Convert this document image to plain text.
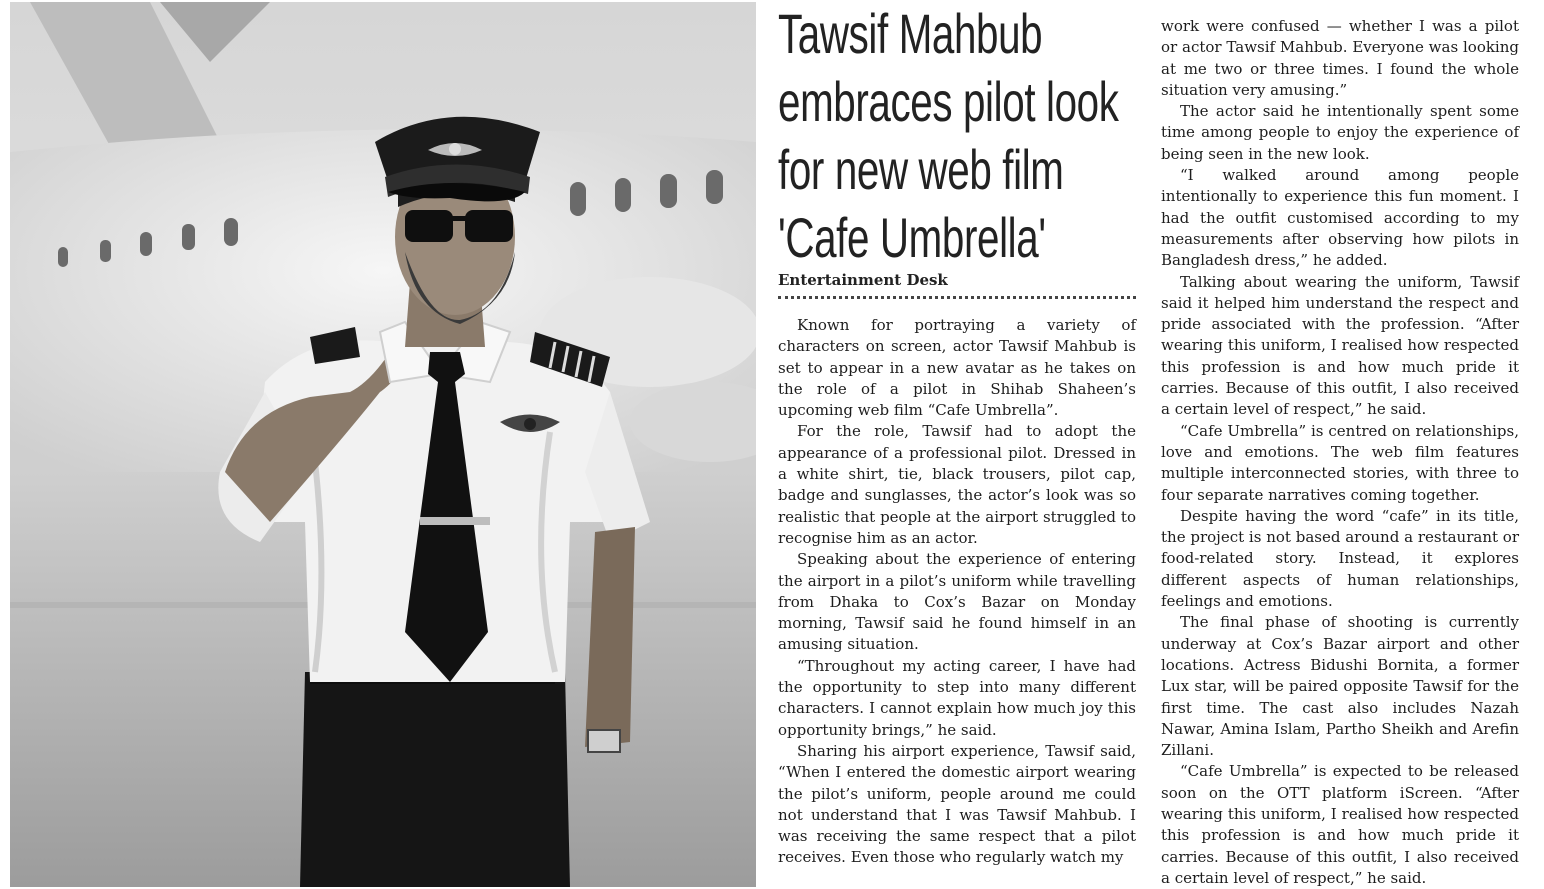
Tawsif Mahbub
embraces pilot look
for new web film
'Cafe Umbrella'
Entertainment Desk

Known for portraying a variety of characters on screen, actor Tawsif Mahbub is set to appear in a new avatar as he takes on the role of a pilot in Shihab Shaheen’s upcoming web film “Cafe Umbrella”.

For the role, Tawsif had to adopt the appearance of a professional pilot. Dressed in a white shirt, tie, black trousers, pilot cap, badge and sunglasses, the actor’s look was so realistic that people at the airport struggled to recognise him as an actor.

Speaking about the experience of entering the airport in a pilot’s uniform while travelling from Dhaka to Cox’s Bazar on Monday morning, Tawsif said he found himself in an amusing situation.

“Throughout my acting career, I have had the opportunity to step into many different characters. I cannot explain how much joy this opportunity brings,” he said.

Sharing his airport experience, Tawsif said, “When I entered the domestic airport wearing the pilot’s uniform, people around me could not understand that I was Tawsif Mahbub. I was receiving the same respect that a pilot receives. Even those who regularly watch my

work were confused — whether I was a pilot or actor Tawsif Mahbub. Everyone was looking at me two or three times. I found the whole situation very amusing.”

The actor said he intentionally spent some time among people to enjoy the experience of being seen in the new look.

“I walked around among people intentionally to experience this fun moment. I had the outfit customised according to my measurements after observing how pilots in Bangladesh dress,” he added.

Talking about wearing the uniform, Tawsif said it helped him understand the respect and pride associated with the profession. “After wearing this uniform, I realised how respected this profession is and how much pride it carries. Because of this outfit, I also received a certain level of respect,” he said.

“Cafe Umbrella” is centred on relationships, love and emotions. The web film features multiple interconnected stories, with three to four separate narratives coming together.

Despite having the word “cafe” in its title, the project is not based around a restaurant or food-related story. Instead, it explores different aspects of human relationships, feelings and emotions.

The final phase of shooting is currently underway at Cox’s Bazar airport and other locations. Actress Bidushi Bornita, a former Lux star, will be paired opposite Tawsif for the first time. The cast also includes Nazah Nawar, Amina Islam, Partho Sheikh and Arefin Zillani.

“Cafe Umbrella” is expected to be released soon on the OTT platform iScreen. “After wearing this uniform, I realised how respected this profession is and how much pride it carries. Because of this outfit, I also received a certain level of respect,” he said.
